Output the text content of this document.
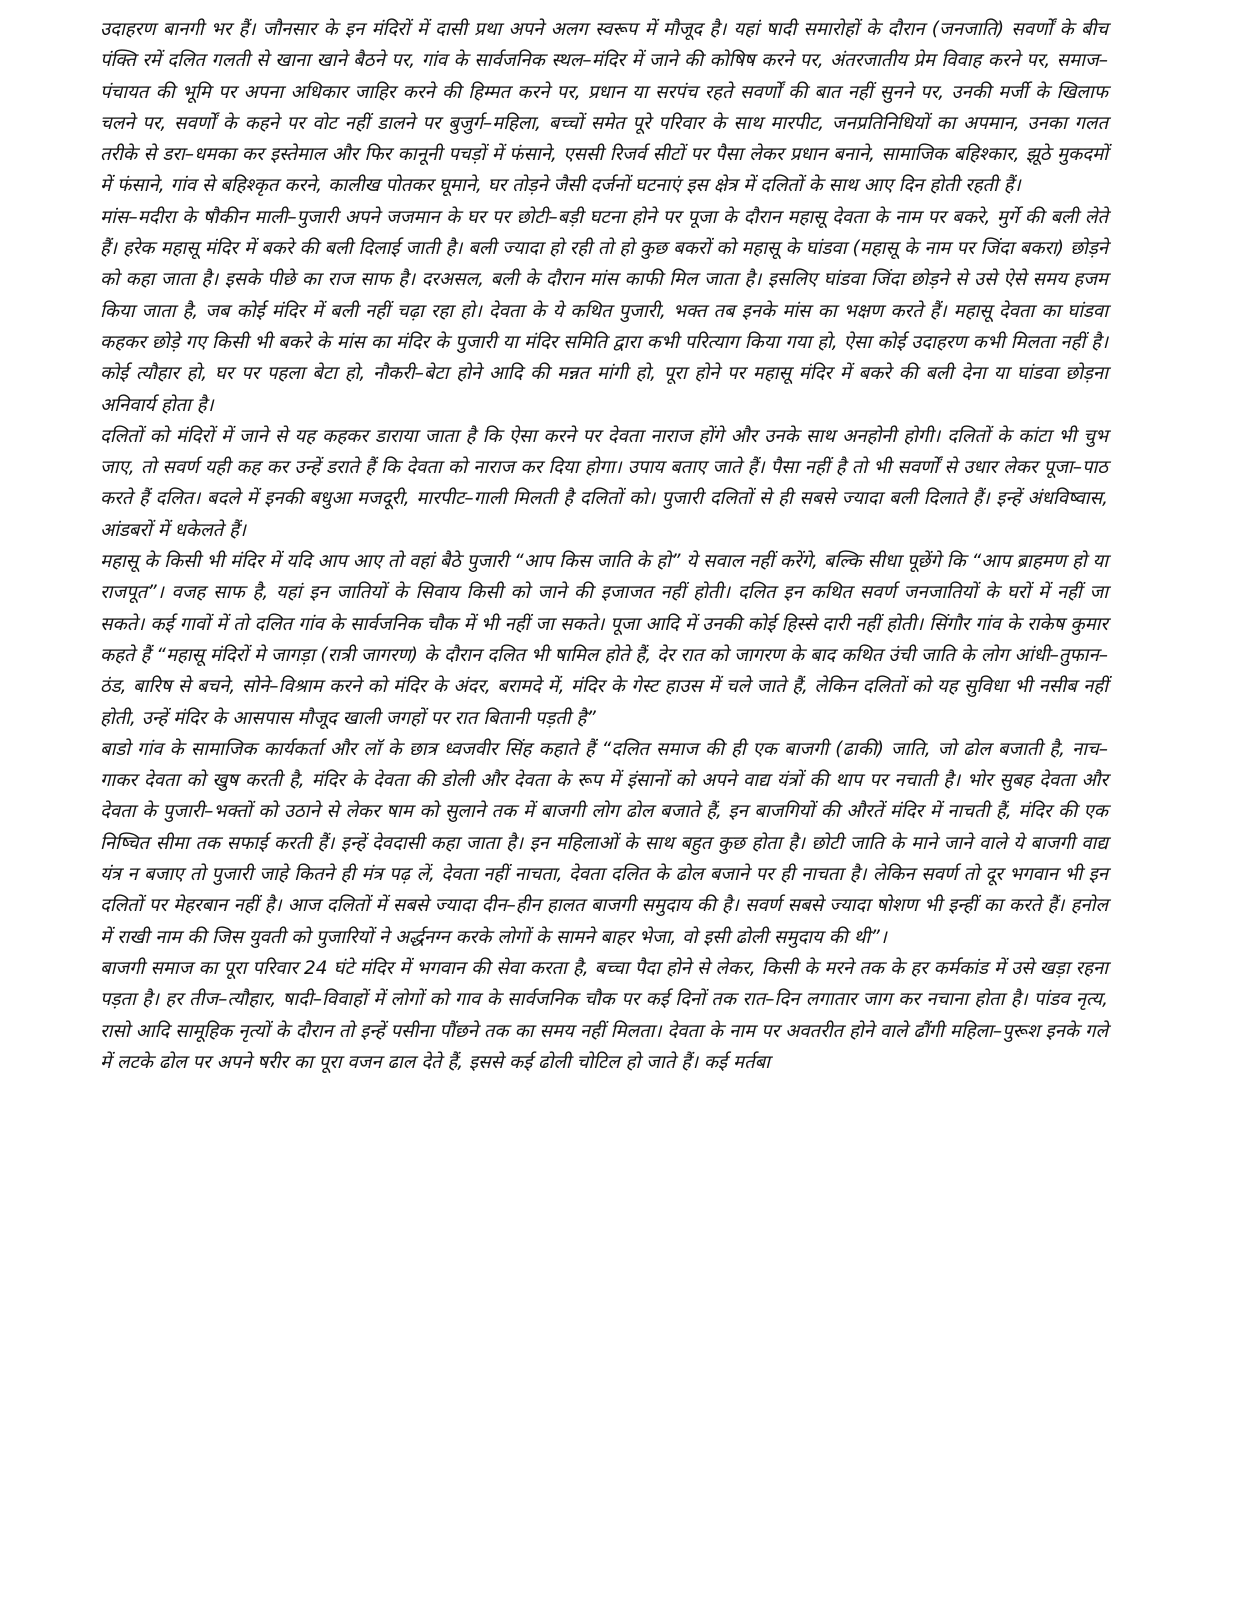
उदाहरण बानगी भर हैं। जौनसार के इन मंदिरों में दासी प्रथा अपने अलग स्वरूप में मौजूद है। यहां षादी समारोहों के दौरान (जनजाति) सवर्णों के बीच पंक्ति रमें दलित गलती से खाना खाने बैठने पर, गांव के सार्वजनिक स्थल–मंदिर में जाने की कोषिष करने पर, अंतरजातीय प्रेम विवाह करने पर, समाज–पंचायत की भूमि पर अपना अधिकार जाहिर करने की हिम्मत करने पर, प्रधान या सरपंच रहते सवर्णों की बात नहीं सुनने पर, उनकी मर्जी के खिलाफ चलने पर, सवर्णों के कहने पर वोट नहीं डालने पर बुजुर्ग–महिला, बच्चों समेत पूरे परिवार के साथ मारपीट, जनप्रतिनिधियों का अपमान, उनका गलत तरीके से डरा–धमका कर इस्तेमाल और फिर कानूनी पचड़ों में फंसाने, एससी रिजर्व सीटों पर पैसा लेकर प्रधान बनाने, सामाजिक बहिश्कार, झूठे मुकदमों में फंसाने, गांव से बहिश्कृत करने, कालीख पोतकर घूमाने, घर तोड़ने जैसी दर्जनों घटनाएं इस क्षेत्र में दलितों के साथ आए दिन होती रहती हैं।

मांस–मदीरा के षौकीन माली–पुजारी अपने जजमान के घर पर छोटी–बड़ी घटना होने पर पूजा के दौरान महासू देवता के नाम पर बकरे, मुर्गे की बली लेते हैं। हरेक महासू मंदिर में बकरे की बली दिलाई जाती है। बली ज्यादा हो रही तो हो कुछ बकरों को महासू के घांडवा (महासू के नाम पर जिंदा बकरा) छोड़ने को कहा जाता है। इसके पीछे का राज साफ है। दरअसल, बली के दौरान मांस काफी मिल जाता है। इसलिए घांडवा जिंदा छोड़ने से उसे ऐसे समय हजम किया जाता है, जब कोई मंदिर में बली नहीं चढ़ा रहा हो। देवता के ये कथित पुजारी, भक्त तब इनके मांस का भक्षण करते हैं। महासू देवता का घांडवा कहकर छोड़े गए किसी भी बकरे के मांस का मंदिर के पुजारी या मंदिर समिति द्वारा कभी परित्याग किया गया हो, ऐसा कोई उदाहरण कभी मिलता नहीं है। कोई त्यौहार हो, घर पर पहला बेटा हो, नौकरी–बेटा होने आदि की मन्नत मांगी हो, पूरा होने पर महासू मंदिर में बकरे की बली देना या घांडवा छोड़ना अनिवार्य होता है।

दलितों को मंदिरों में जाने से यह कहकर डाराया जाता है कि ऐसा करने पर देवता नाराज होंगे और उनके साथ अनहोनी होगी। दलितों के कांटा भी चुभ जाए, तो सवर्ण यही कह कर उन्हें डराते हैं कि देवता को नाराज कर दिया होगा। उपाय बताए जाते हैं। पैसा नहीं है तो भी सवर्णों से उधार लेकर पूजा–पाठ करते हैं दलित। बदले में इनकी बधुआ मजदूरी, मारपीट–गाली मिलती है दलितों को। पुजारी दलितों से ही सबसे ज्यादा बली दिलाते हैं। इन्हें अंधविष्वास, आंडबरों में धकेलते हैं।

महासू के किसी भी मंदिर में यदि आप आए तो वहां बैठे पुजारी “आप किस जाति के हो” ये सवाल नहीं करेंगे, बल्कि सीधा पूछेंगे कि “आप ब्राहमण हो या राजपूत”। वजह साफ है, यहां इन जातियों के सिवाय किसी को जाने की इजाजत नहीं होती। दलित इन कथित सवर्ण जनजातियों के घरों में नहीं जा सकते। कई गावों में तो दलित गांव के सार्वजनिक चौक में भी नहीं जा सकते। पूजा आदि में उनकी कोई हिस्से दारी नहीं होती। सिंगौर गांव के राकेष कुमार कहते हैं “महासू मंदिरों मे जागड़ा (रात्री जागरण) के दौरान दलित भी षामिल होते हैं, देर रात को जागरण के बाद कथित उंची जाति के लोग आंधी–तुफान–ठंड, बारिष से बचने, सोने–विश्राम करने को मंदिर के अंदर, बरामदे में, मंदिर के गेस्ट हाउस में चले जाते हैं, लेकिन दलितों को यह सुविधा भी नसीब नहीं होती, उन्हें मंदिर के आसपास मौजूद खाली जगहों पर रात बितानी पड़ती है”

बाडो गांव के सामाजिक कार्यकर्ता और लॉ के छात्र ध्वजवीर सिंह कहाते हैं “दलित समाज की ही एक बाजगी (ढाकी) जाति, जो ढोल बजाती है, नाच–गाकर देवता को खुष करती है, मंदिर के देवता की डोली और देवता के रूप में इंसानों को अपने वाद्य यंत्रों की थाप पर नचाती है। भोर सुबह देवता और देवता के पुजारी–भक्तों को उठाने से लेकर षाम को सुलाने तक में बाजगी लोग ढोल बजाते हैं, इन बाजगियों की औरतें मंदिर में नाचती हैं, मंदिर की एक निष्चित सीमा तक सफाई करती हैं। इन्हें देवदासी कहा जाता है। इन महिलाओं के साथ बहुत कुछ होता है। छोटी जाति के माने जाने वाले ये बाजगी वाद्य यंत्र न बजाए तो पुजारी जाहे कितने ही मंत्र पढ़ लें, देवता नहीं नाचता, देवता दलित के ढोल बजाने पर ही नाचता है। लेकिन सवर्ण तो दूर भगवान भी इन दलितों पर मेहरबान नहीं है। आज दलितों में सबसे ज्यादा दीन–हीन हालत बाजगी समुदाय की है। सवर्ण सबसे ज्यादा षोशण भी इन्हीं का करते हैं। हनोल में राखी नाम की जिस युवती को पुजारियों ने अर्द्धनग्न करके लोगों के सामने बाहर भेजा, वो इसी ढोली समुदाय की थी”।

बाजगी समाज का पूरा परिवार 24 घंटे मंदिर में भगवान की सेवा करता है, बच्चा पैदा होने से लेकर, किसी के मरने तक के हर कर्मकांड में उसे खड़ा रहना पड़ता है। हर तीज–त्यौहार, षादी–विवाहों में लोगों को गाव के सार्वजनिक चौक पर कई दिनों तक रात–दिन लगातार जाग कर नचाना होता है। पांडव नृत्य, रासो आदि सामूहिक नृत्यों के दौरान तो इन्हें पसीना पौंछने तक का समय नहीं मिलता। देवता के नाम पर अवतरीत होने वाले ढौंगी महिला–पुरूश इनके गले में लटके ढोल पर अपने षरीर का पूरा वजन ढाल देते हैं, इससे कई ढोली चोटिल हो जाते हैं। कई मर्तबा
